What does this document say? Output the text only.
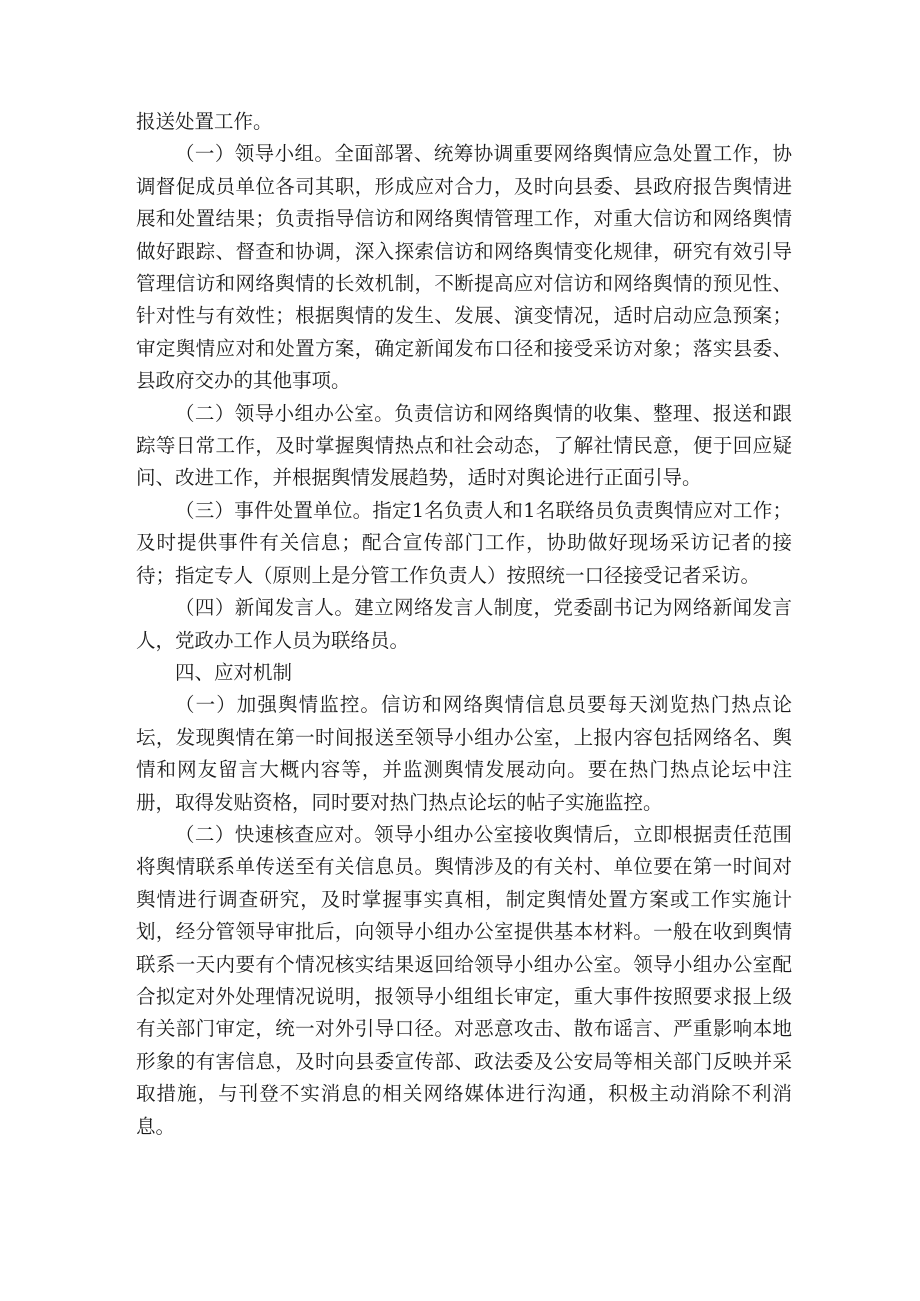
报送处置工作。

（一）领导小组。全面部署、统筹协调重要网络舆情应急处置工作，协调督促成员单位各司其职，形成应对合力，及时向县委、县政府报告舆情进展和处置结果；负责指导信访和网络舆情管理工作，对重大信访和网络舆情做好跟踪、督查和协调，深入探索信访和网络舆情变化规律，研究有效引导管理信访和网络舆情的长效机制，不断提高应对信访和网络舆情的预见性、针对性与有效性；根据舆情的发生、发展、演变情况，适时启动应急预案；审定舆情应对和处置方案，确定新闻发布口径和接受采访对象；落实县委、县政府交办的其他事项。

（二）领导小组办公室。负责信访和网络舆情的收集、整理、报送和跟踪等日常工作，及时掌握舆情热点和社会动态，了解社情民意，便于回应疑问、改进工作，并根据舆情发展趋势，适时对舆论进行正面引导。

（三）事件处置单位。指定1名负责人和1名联络员负责舆情应对工作；及时提供事件有关信息；配合宣传部门工作，协助做好现场采访记者的接待；指定专人（原则上是分管工作负责人）按照统一口径接受记者采访。

（四）新闻发言人。建立网络发言人制度，党委副书记为网络新闻发言人，党政办工作人员为联络员。

四、应对机制

（一）加强舆情监控。信访和网络舆情信息员要每天浏览热门热点论坛，发现舆情在第一时间报送至领导小组办公室，上报内容包括网络名、舆情和网友留言大概内容等，并监测舆情发展动向。要在热门热点论坛中注册，取得发贴资格，同时要对热门热点论坛的帖子实施监控。

（二）快速核查应对。领导小组办公室接收舆情后，立即根据责任范围将舆情联系单传送至有关信息员。舆情涉及的有关村、单位要在第一时间对舆情进行调查研究，及时掌握事实真相，制定舆情处置方案或工作实施计划，经分管领导审批后，向领导小组办公室提供基本材料。一般在收到舆情联系一天内要有个情况核实结果返回给领导小组办公室。领导小组办公室配合拟定对外处理情况说明，报领导小组组长审定，重大事件按照要求报上级有关部门审定，统一对外引导口径。对恶意攻击、散布谣言、严重影响本地形象的有害信息，及时向县委宣传部、政法委及公安局等相关部门反映并采取措施，与刊登不实消息的相关网络媒体进行沟通，积极主动消除不利消息。
